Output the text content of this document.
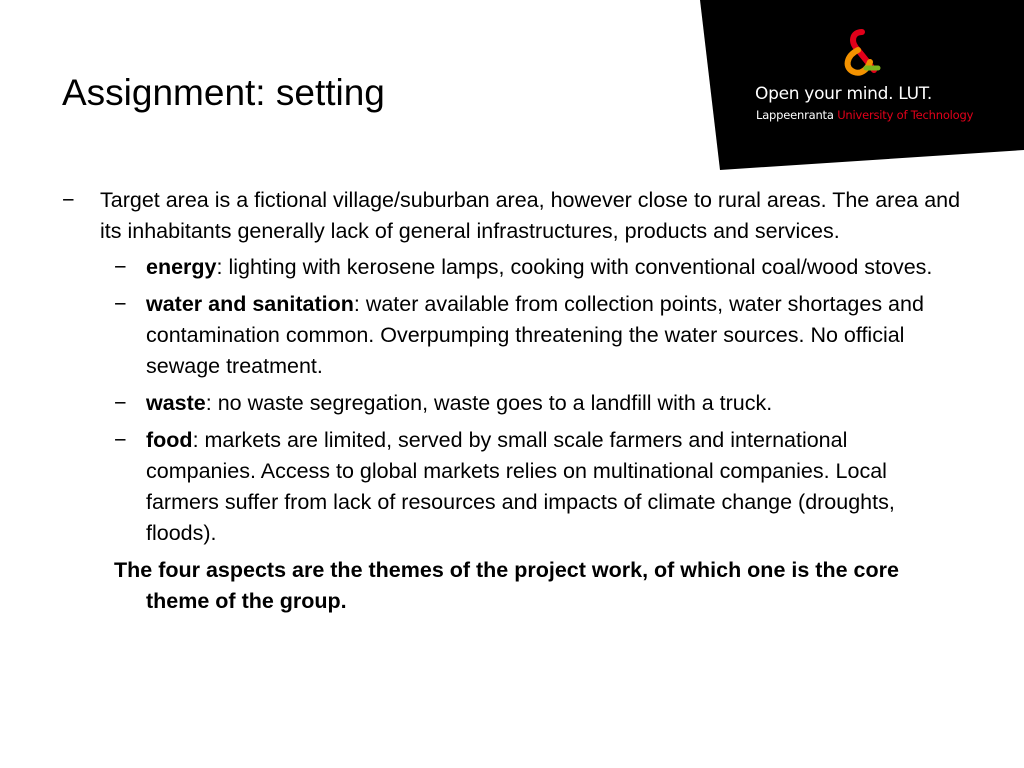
Assignment: setting	Open your mind. LUT.
Lappeenranta University of Technology

− Target area is a fictional village/suburban area, however close to rural areas. The area and its inhabitants generally lack of general infrastructures, products and services.

− energy: lighting with kerosene lamps, cooking with conventional coal/wood stoves.
− water and sanitation: water available from collection points, water shortages and contamination common. Overpumping threatening the water sources. No official sewage treatment.
− waste: no waste segregation, waste goes to a landfill with a truck.
− food: markets are limited, served by small scale farmers and international companies. Access to global markets relies on multinational companies. Local farmers suffer from lack of resources and impacts of climate change (droughts, floods).

The four aspects are the themes of the project work, of which one is the core theme of the group.
